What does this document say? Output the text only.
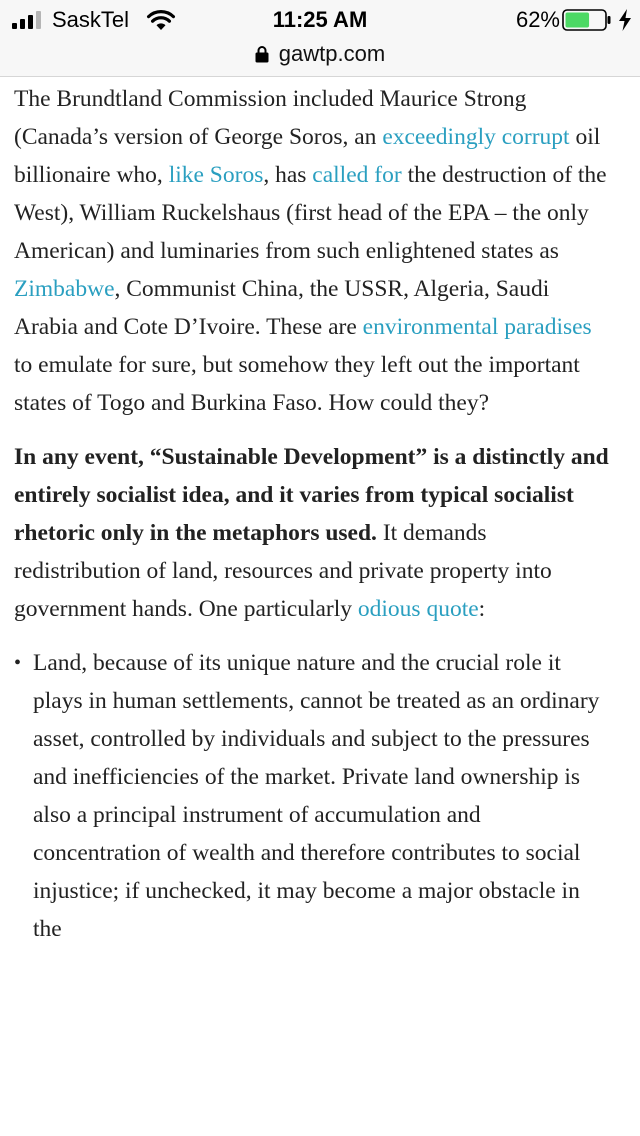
SaskTel	11:25 AM	62%
gawtp.com

The Brundtland Commission included Maurice Strong (Canada’s version of George Soros, an exceedingly corrupt oil billionaire who, like Soros, has called for the destruction of the West), William Ruckelshaus (first head of the EPA – the only American) and luminaries from such enlightened states as Zimbabwe, Communist China, the USSR, Algeria, Saudi Arabia and Cote D’Ivoire. These are environmental paradises to emulate for sure, but somehow they left out the important states of Togo and Burkina Faso. How could they?

In any event, “Sustainable Development” is a distinctly and entirely socialist idea, and it varies from typical socialist rhetoric only in the metaphors used. It demands redistribution of land, resources and private property into government hands. One particularly odious quote:

• Land, because of its unique nature and the crucial role it plays in human settlements, cannot be treated as an ordinary asset, controlled by individuals and subject to the pressures and inefficiencies of the market. Private land ownership is also a principal instrument of accumulation and concentration of wealth and therefore contributes to social injustice; if unchecked, it may become a major obstacle in the
